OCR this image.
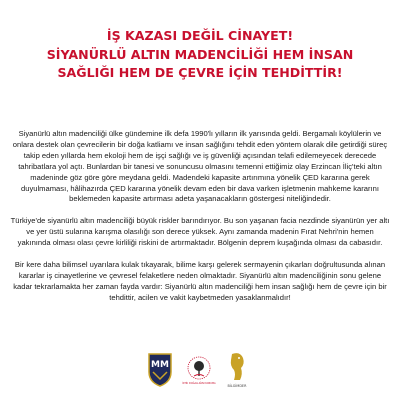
İŞ KAZASI DEĞİL CİNAYET!
SİYANÜRLÜ ALTIN MADENCİLİĞİ HEM İNSAN
SAĞLIĞI HEM DE ÇEVRE İÇİN TEHDİTTİR!

Siyanürlü altın madenciliği ülke gündemine ilk defa 1990'lı yılların ilk yarısında geldi. Bergamalı köylülerin ve onlara destek olan çevrecilerin bir doğa katliamı ve insan sağlığını tehdit eden yöntem olarak dile getirdiği süreç takip eden yıllarda hem ekoloji hem de işçi sağlığı ve iş güvenliği açısından telafi edilemeyecek derecede tahribatlara yol açtı. Bunlardan bir tanesi ve sonuncusu olmasını temenni ettiğimiz olay Erzincan İliç'teki altın madeninde göz göre göre meydana geldi. Madendeki kapasite artırımına yönelik ÇED kararına gerek duyulmaması, hâlihazırda ÇED kararına yönelik devam eden bir dava varken işletmenin mahkeme kararını beklemeden kapasite artırması adeta yaşanacakların göstergesi niteliğindedir.

Türkiye'de siyanürlü altın madenciliği büyük riskler barındırıyor. Bu son yaşanan facia nezdinde siyanürün yer altı ve yer üstü sularına karışma olasılığı son derece yüksek. Aynı zamanda madenin Fırat Nehri'nin hemen yakınında olması olası çevre kirliliği riskini de artırmaktadır. Bölgenin deprem kuşağında olması da cabasıdır.

Bir kere daha bilimsel uyarılara kulak tıkayarak, bilime karşı gelerek sermayenin çıkarları doğrultusunda alınan kararlar iş cinayetlerine ve çevresel felaketlere neden olmaktadır. Siyanürlü altın madenciliğinin sonu gelene kadar tekrarlamakta her zaman fayda vardır: Siyanürlü altın madenciliği hem insan sağlığı hem de çevre için bir tehdittir, acilen ve vakit kaybetmeden yasaklanmalıdır!

MM
İKTİK DOĞALLIĞINI KORUMA
BİLGİMDER
